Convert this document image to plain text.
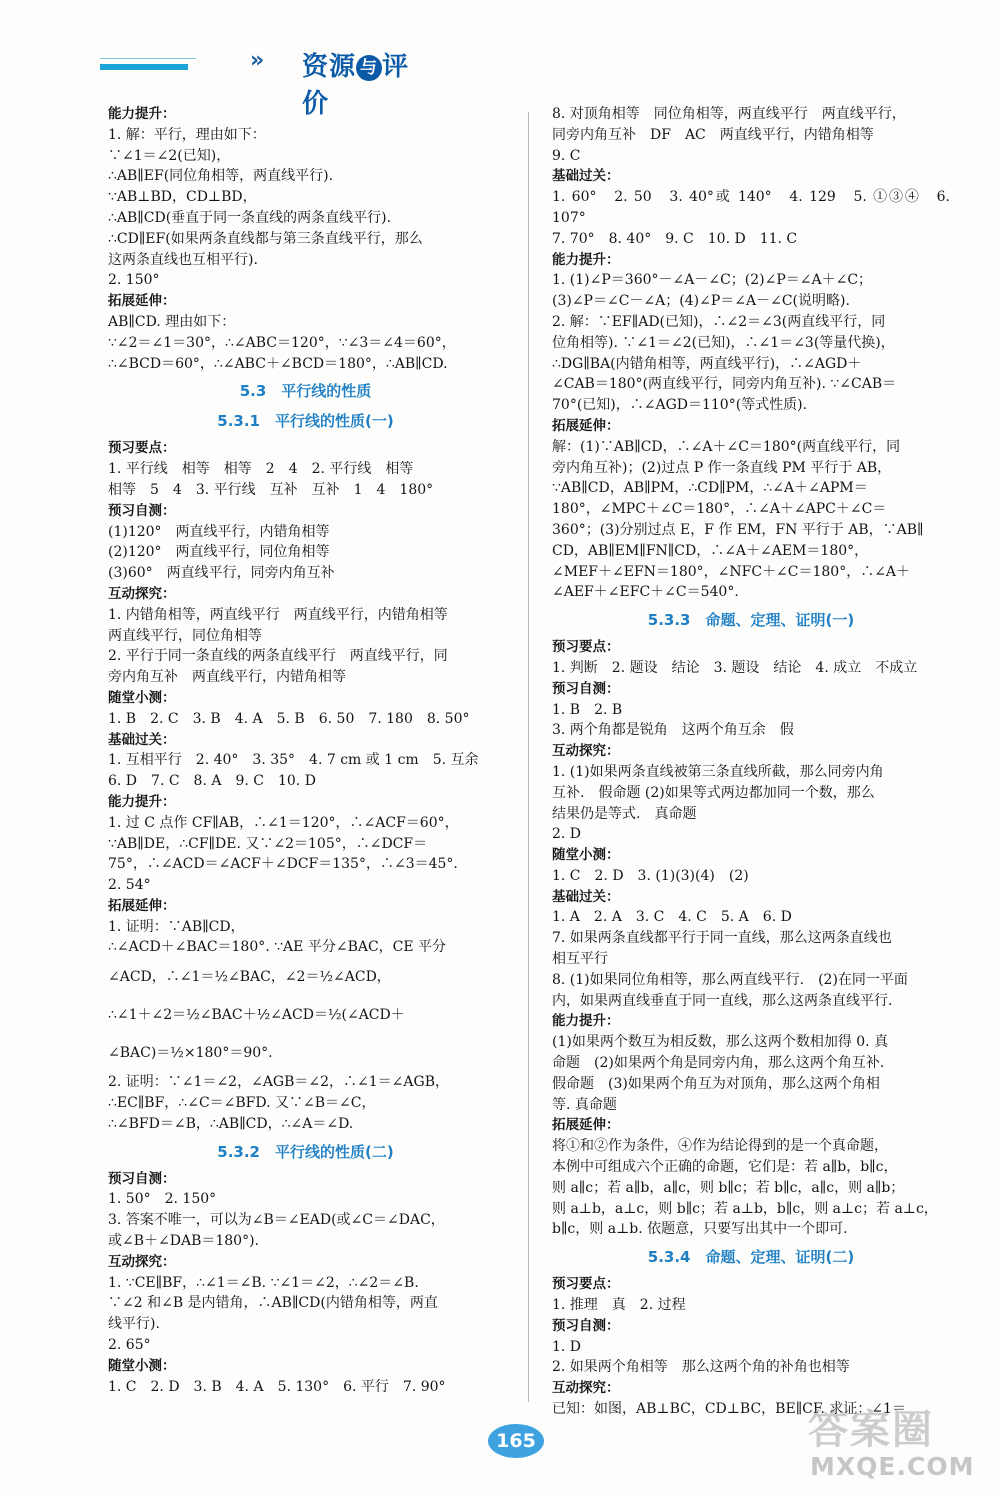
» 资源 与 评价
能力提升：
1. 解：平行，理由如下：
∵∠1＝∠2(已知)，
∴AB∥EF(同位角相等，两直线平行).
∵AB⊥BD，CD⊥BD，
∴AB∥CD(垂直于同一条直线的两条直线平行).
∴CD∥EF(如果两条直线都与第三条直线平行，那么
这两条直线也互相平行).
2. 150°
拓展延伸：
AB∥CD. 理由如下：
∵∠2＝∠1＝30°，∴∠ABC＝120°，∵∠3＝∠4＝60°，
∴∠BCD＝60°，∴∠ABC＋∠BCD＝180°，∴AB∥CD.
5.3　平行线的性质
5.3.1　平行线的性质(一)
预习要点：
1. 平行线　相等　相等　2　4　2. 平行线　相等
相等　5　4　3. 平行线　互补　互补　1　4　180°
预习自测：
(1)120°　两直线平行，内错角相等
(2)120°　两直线平行，同位角相等
(3)60°　两直线平行，同旁内角互补
互动探究：
1. 内错角相等，两直线平行　两直线平行，内错角相等
两直线平行，同位角相等
2. 平行于同一条直线的两条直线平行　两直线平行，同
旁内角互补　两直线平行，内错角相等
随堂小测：
1. B　2. C　3. B　4. A　5. B　6. 50　7. 180　8. 50°
基础过关：
1. 互相平行　2. 40°　3. 35°　4. 7 cm 或 1 cm　5. 互余
6. D　7. C　8. A　9. C　10. D
能力提升：
1. 过 C 点作 CF∥AB，∴∠1＝120°，∴∠ACF＝60°，
∵AB∥DE，∴CF∥DE. 又∵∠2＝105°，∴∠DCF＝
75°，∴∠ACD＝∠ACF＋∠DCF＝135°，∴∠3＝45°.
2. 54°
拓展延伸：
1. 证明：∵AB∥CD，
∴∠ACD＋∠BAC＝180°. ∵AE 平分∠BAC，CE 平分
∠ACD，∴∠1＝½∠BAC，∠2＝½∠ACD，
∴∠1＋∠2＝½∠BAC＋½∠ACD＝½(∠ACD＋
∠BAC)＝½×180°＝90°.
2. 证明：∵∠1＝∠2，∠AGB＝∠2，∴∠1＝∠AGB，
∴EC∥BF，∴∠C＝∠BFD. 又∵∠B＝∠C，
∴∠BFD＝∠B，∴AB∥CD，∴∠A＝∠D.
5.3.2　平行线的性质(二)
预习自测：
1. 50°　2. 150°
3. 答案不唯一，可以为∠B＝∠EAD(或∠C＝∠DAC，
或∠B＋∠DAB＝180°).
互动探究：
1. ∵CE∥BF，∴∠1＝∠B. ∵∠1＝∠2，∴∠2＝∠B.
∵∠2 和∠B 是内错角，∴AB∥CD(内错角相等，两直
线平行).
2. 65°
随堂小测：
1. C　2. D　3. B　4. A　5. 130°　6. 平行　7. 90°
8. 对顶角相等　同位角相等，两直线平行　两直线平行，
同旁内角互补　DF　AC　两直线平行，内错角相等
9. C
基础过关：
1. 60°　2. 50　3. 40°或 140°　4. 129　5. ①③④　6. 107°
7. 70°　8. 40°　9. C　10. D　11. C
能力提升：
1. (1)∠P＝360°－∠A－∠C；(2)∠P＝∠A＋∠C；
(3)∠P＝∠C－∠A；(4)∠P＝∠A－∠C(说明略).
2. 解：∵EF∥AD(已知)，∴∠2＝∠3(两直线平行，同
位角相等). ∵∠1＝∠2(已知)，∴∠1＝∠3(等量代换)，
∴DG∥BA(内错角相等，两直线平行)，∴∠AGD＋
∠CAB＝180°(两直线平行，同旁内角互补). ∵∠CAB＝
70°(已知)，∴∠AGD＝110°(等式性质).
拓展延伸：
解：(1)∵AB∥CD，∴∠A＋∠C＝180°(两直线平行，同
旁内角互补)；(2)过点 P 作一条直线 PM 平行于 AB，
∵AB∥CD，AB∥PM，∴CD∥PM，∴∠A＋∠APM＝
180°，∠MPC＋∠C＝180°，∴∠A＋∠APC＋∠C＝
360°；(3)分别过点 E，F 作 EM，FN 平行于 AB，∵AB∥
CD，AB∥EM∥FN∥CD，∴∠A＋∠AEM＝180°，
∠MEF＋∠EFN＝180°，∠NFC＋∠C＝180°，∴∠A＋
∠AEF＋∠EFC＋∠C＝540°.
5.3.3　命题、定理、证明(一)
预习要点：
1. 判断　2. 题设　结论　3. 题设　结论　4. 成立　不成立
预习自测：
1. B　2. B
3. 两个角都是锐角　这两个角互余　假
互动探究：
1. (1)如果两条直线被第三条直线所截，那么同旁内角
互补.　假命题 (2)如果等式两边都加同一个数，那么
结果仍是等式.　真命题
2. D
随堂小测：
1. C　2. D　3. (1)(3)(4)　(2)
基础过关：
1. A　2. A　3. C　4. C　5. A　6. D
7. 如果两条直线都平行于同一直线，那么这两条直线也
相互平行
8. (1)如果同位角相等，那么两直线平行.　(2)在同一平面
内，如果两直线垂直于同一直线，那么这两条直线平行.
能力提升：
(1)如果两个数互为相反数，那么这两个数相加得 0. 真
命题　(2)如果两个角是同旁内角，那么这两个角互补.
假命题　(3)如果两个角互为对顶角，那么这两个角相
等. 真命题
拓展延伸：
将①和②作为条件，④作为结论得到的是一个真命题，
本例中可组成六个正确的命题，它们是：若 a∥b，b∥c，
则 a∥c；若 a∥b，a∥c，则 b∥c；若 b∥c，a∥c，则 a∥b；
则 a⊥b，a⊥c，则 b∥c；若 a⊥b，b∥c，则 a⊥c；若 a⊥c，
b∥c，则 a⊥b. 依题意，只要写出其中一个即可.
5.3.4　命题、定理、证明(二)
预习要点：
1. 推理　真　2. 过程
预习自测：
1. D
2. 如果两个角相等　那么这两个角的补角也相等
互动探究：
已知：如图，AB⊥BC，CD⊥BC，BE∥CF. 求证：∠1＝
165	答案圈
MXQE.COM
